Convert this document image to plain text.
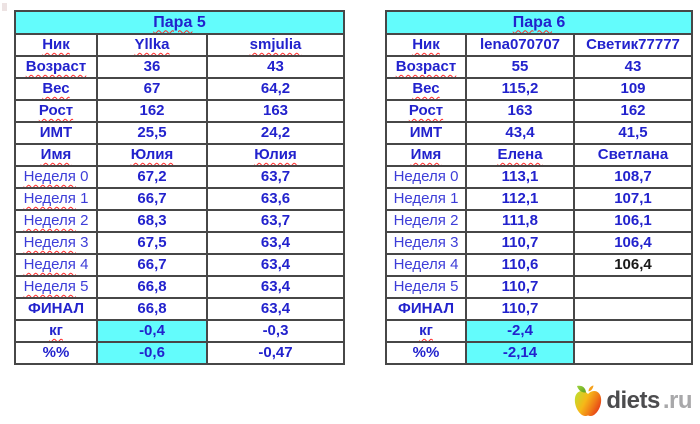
Пара 5		
Ник	Yllka	smjulia
Возраст	36	43
Вес	67	64,2
Рост	162	163
ИМТ	25,5	24,2
Имя	Юлия	Юлия
Неделя 0	67,2	63,7
Неделя 1	66,7	63,6
Неделя 2	68,3	63,7
Неделя 3	67,5	63,4
Неделя 4	66,7	63,4
Неделя 5	66,8	63,4
ФИНАЛ	66,8	63,4
кг	-0,4	-0,3
%%	-0,6	-0,47
Пара 6		
Ник	lena070707	Светик77777
Возраст	55	43
Вес	115,2	109
Рост	163	162
ИМТ	43,4	41,5
Имя	Елена	Светлана
Неделя 0	113,1	108,7
Неделя 1	112,1	107,1
Неделя 2	111,8	106,1
Неделя 3	110,7	106,4
Неделя 4	110,6	106,4
Неделя 5	110,7	
ФИНАЛ	110,7	
кг	-2,4	
%%	-2,14	
diets .ru
